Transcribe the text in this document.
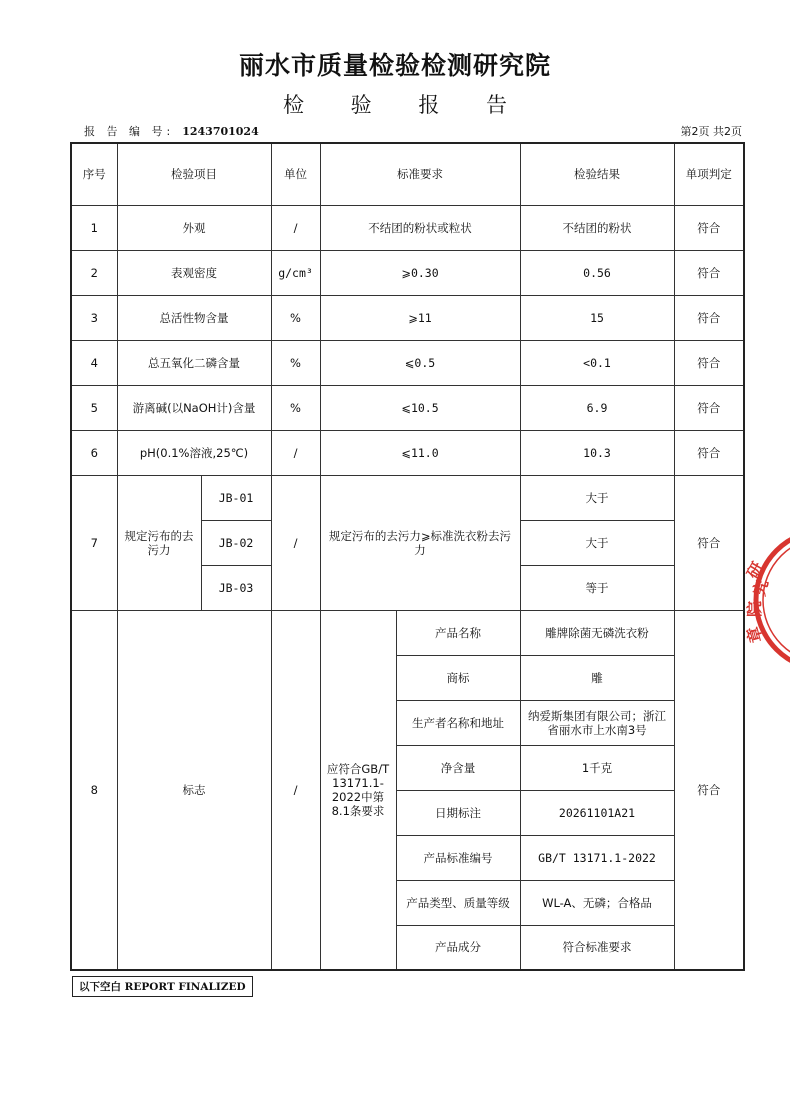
丽水市质量检验检测研究院
检 验 报 告
报 告 编 号: 1243701024	第2页 共2页
序号	检验项目		单位	标准要求		检验结果	单项判定
1	外观		/	不结团的粉状或粒状		不结团的粉状	符合
2	表观密度		g/cm³	⩾0.30		0.56	符合
3	总活性物含量		%	⩾11		15	符合
4	总五氧化二磷含量		%	⩽0.5		<0.1	符合
5	游离碱(以NaOH计)含量		%	⩽10.5		6.9	符合
6	pH(0.1%溶液,25℃)		/	⩽11.0		10.3	符合
7	规定污布的去污力	JB-01	/	规定污布的去污力⩾标准洗衣粉去污力		大于	符合
		JB-02				大于	
		JB-03				等于	
8	标志		/	应符合GB/T 13171.1-2022中第8.1条要求	产品名称	雕牌除菌无磷洗衣粉	符合
					商标	雕	
					生产者名称和地址	纳爱斯集团有限公司；浙江省丽水市上水南3号	
					净含量	1千克	
					日期标注	20261101A21	
					产品标准编号	GB/T 13171.1-2022	
					产品类型、质量等级	WL-A、无磷；合格品	
					产品成分	符合标准要求	
以下空白 REPORT FINALIZED
研
究
院
章
